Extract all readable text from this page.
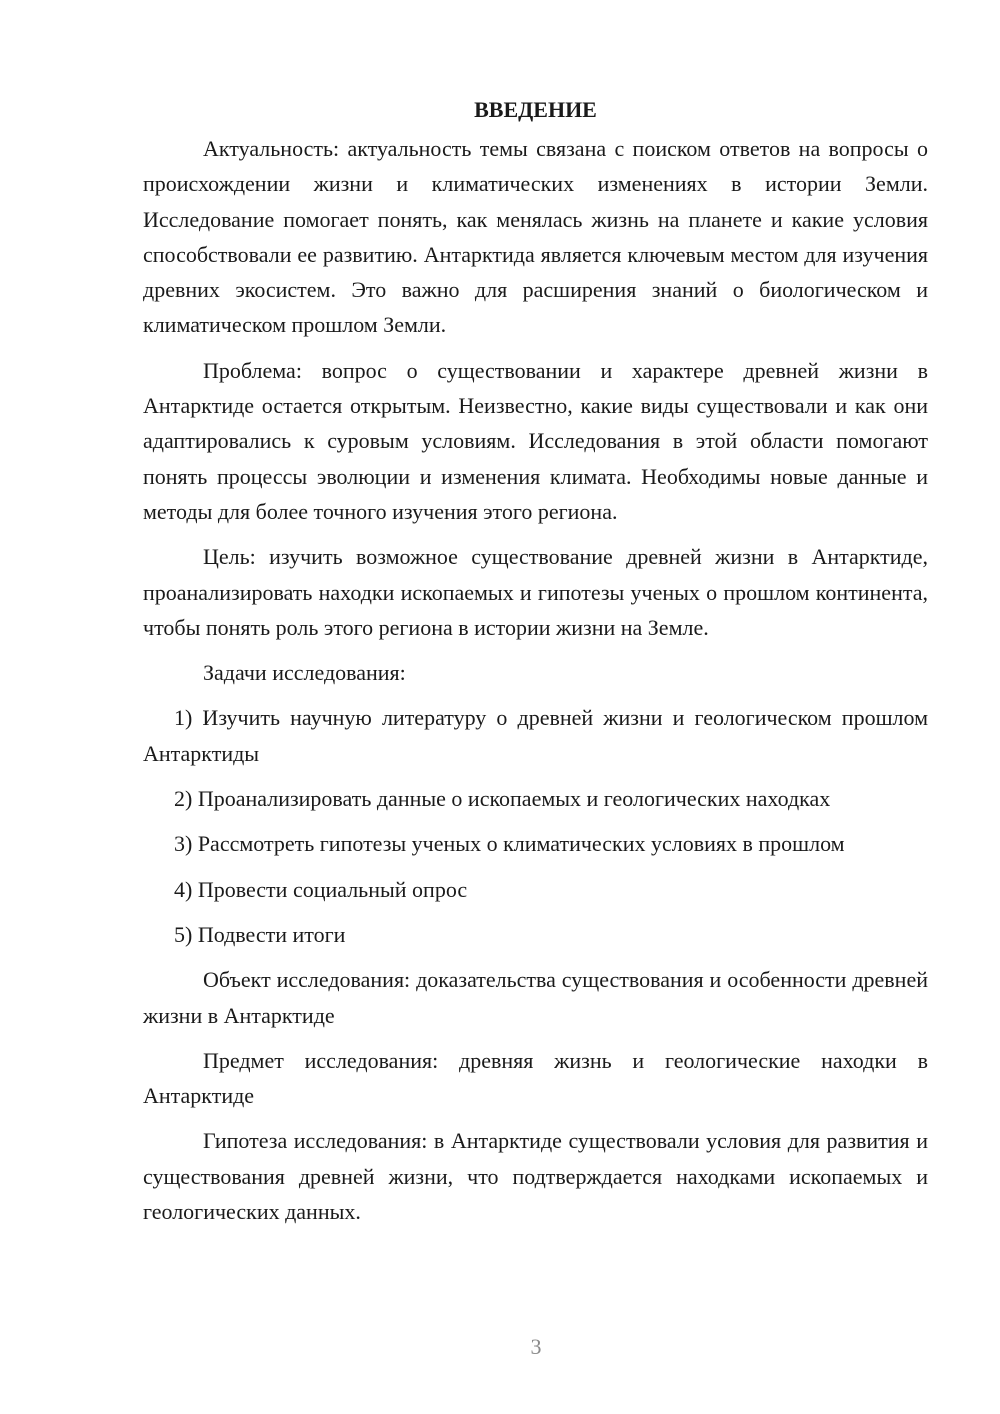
ВВЕДЕНИЕ

Актуальность: актуальность темы связана с поиском ответов на вопросы о происхождении жизни и климатических изменениях в истории Земли. Исследование помогает понять, как менялась жизнь на планете и какие условия способствовали ее развитию. Антарктида является ключевым местом для изучения древних экосистем. Это важно для расширения знаний о биологическом и климатическом прошлом Земли.

Проблема: вопрос о существовании и характере древней жизни в Антарктиде остается открытым. Неизвестно, какие виды существовали и как они адаптировались к суровым условиям. Исследования в этой области помогают понять процессы эволюции и изменения климата. Необходимы новые данные и методы для более точного изучения этого региона.

Цель: изучить возможное существование древней жизни в Антарктиде, проанализировать находки ископаемых и гипотезы ученых о прошлом континента, чтобы понять роль этого региона в истории жизни на Земле.

Задачи исследования:

1) Изучить научную литературу о древней жизни и геологическом прошлом Антарктиды

2) Проанализировать данные о ископаемых и геологических находках

3) Рассмотреть гипотезы ученых о климатических условиях в прошлом

4) Провести социальный опрос

5) Подвести итоги

Объект исследования: доказательства существования и особенности древней жизни в Антарктиде

Предмет исследования: древняя жизнь и геологические находки в Антарктиде

Гипотеза исследования: в Антарктиде существовали условия для развития и существования древней жизни, что подтверждается находками ископаемых и геологических данных.

3
